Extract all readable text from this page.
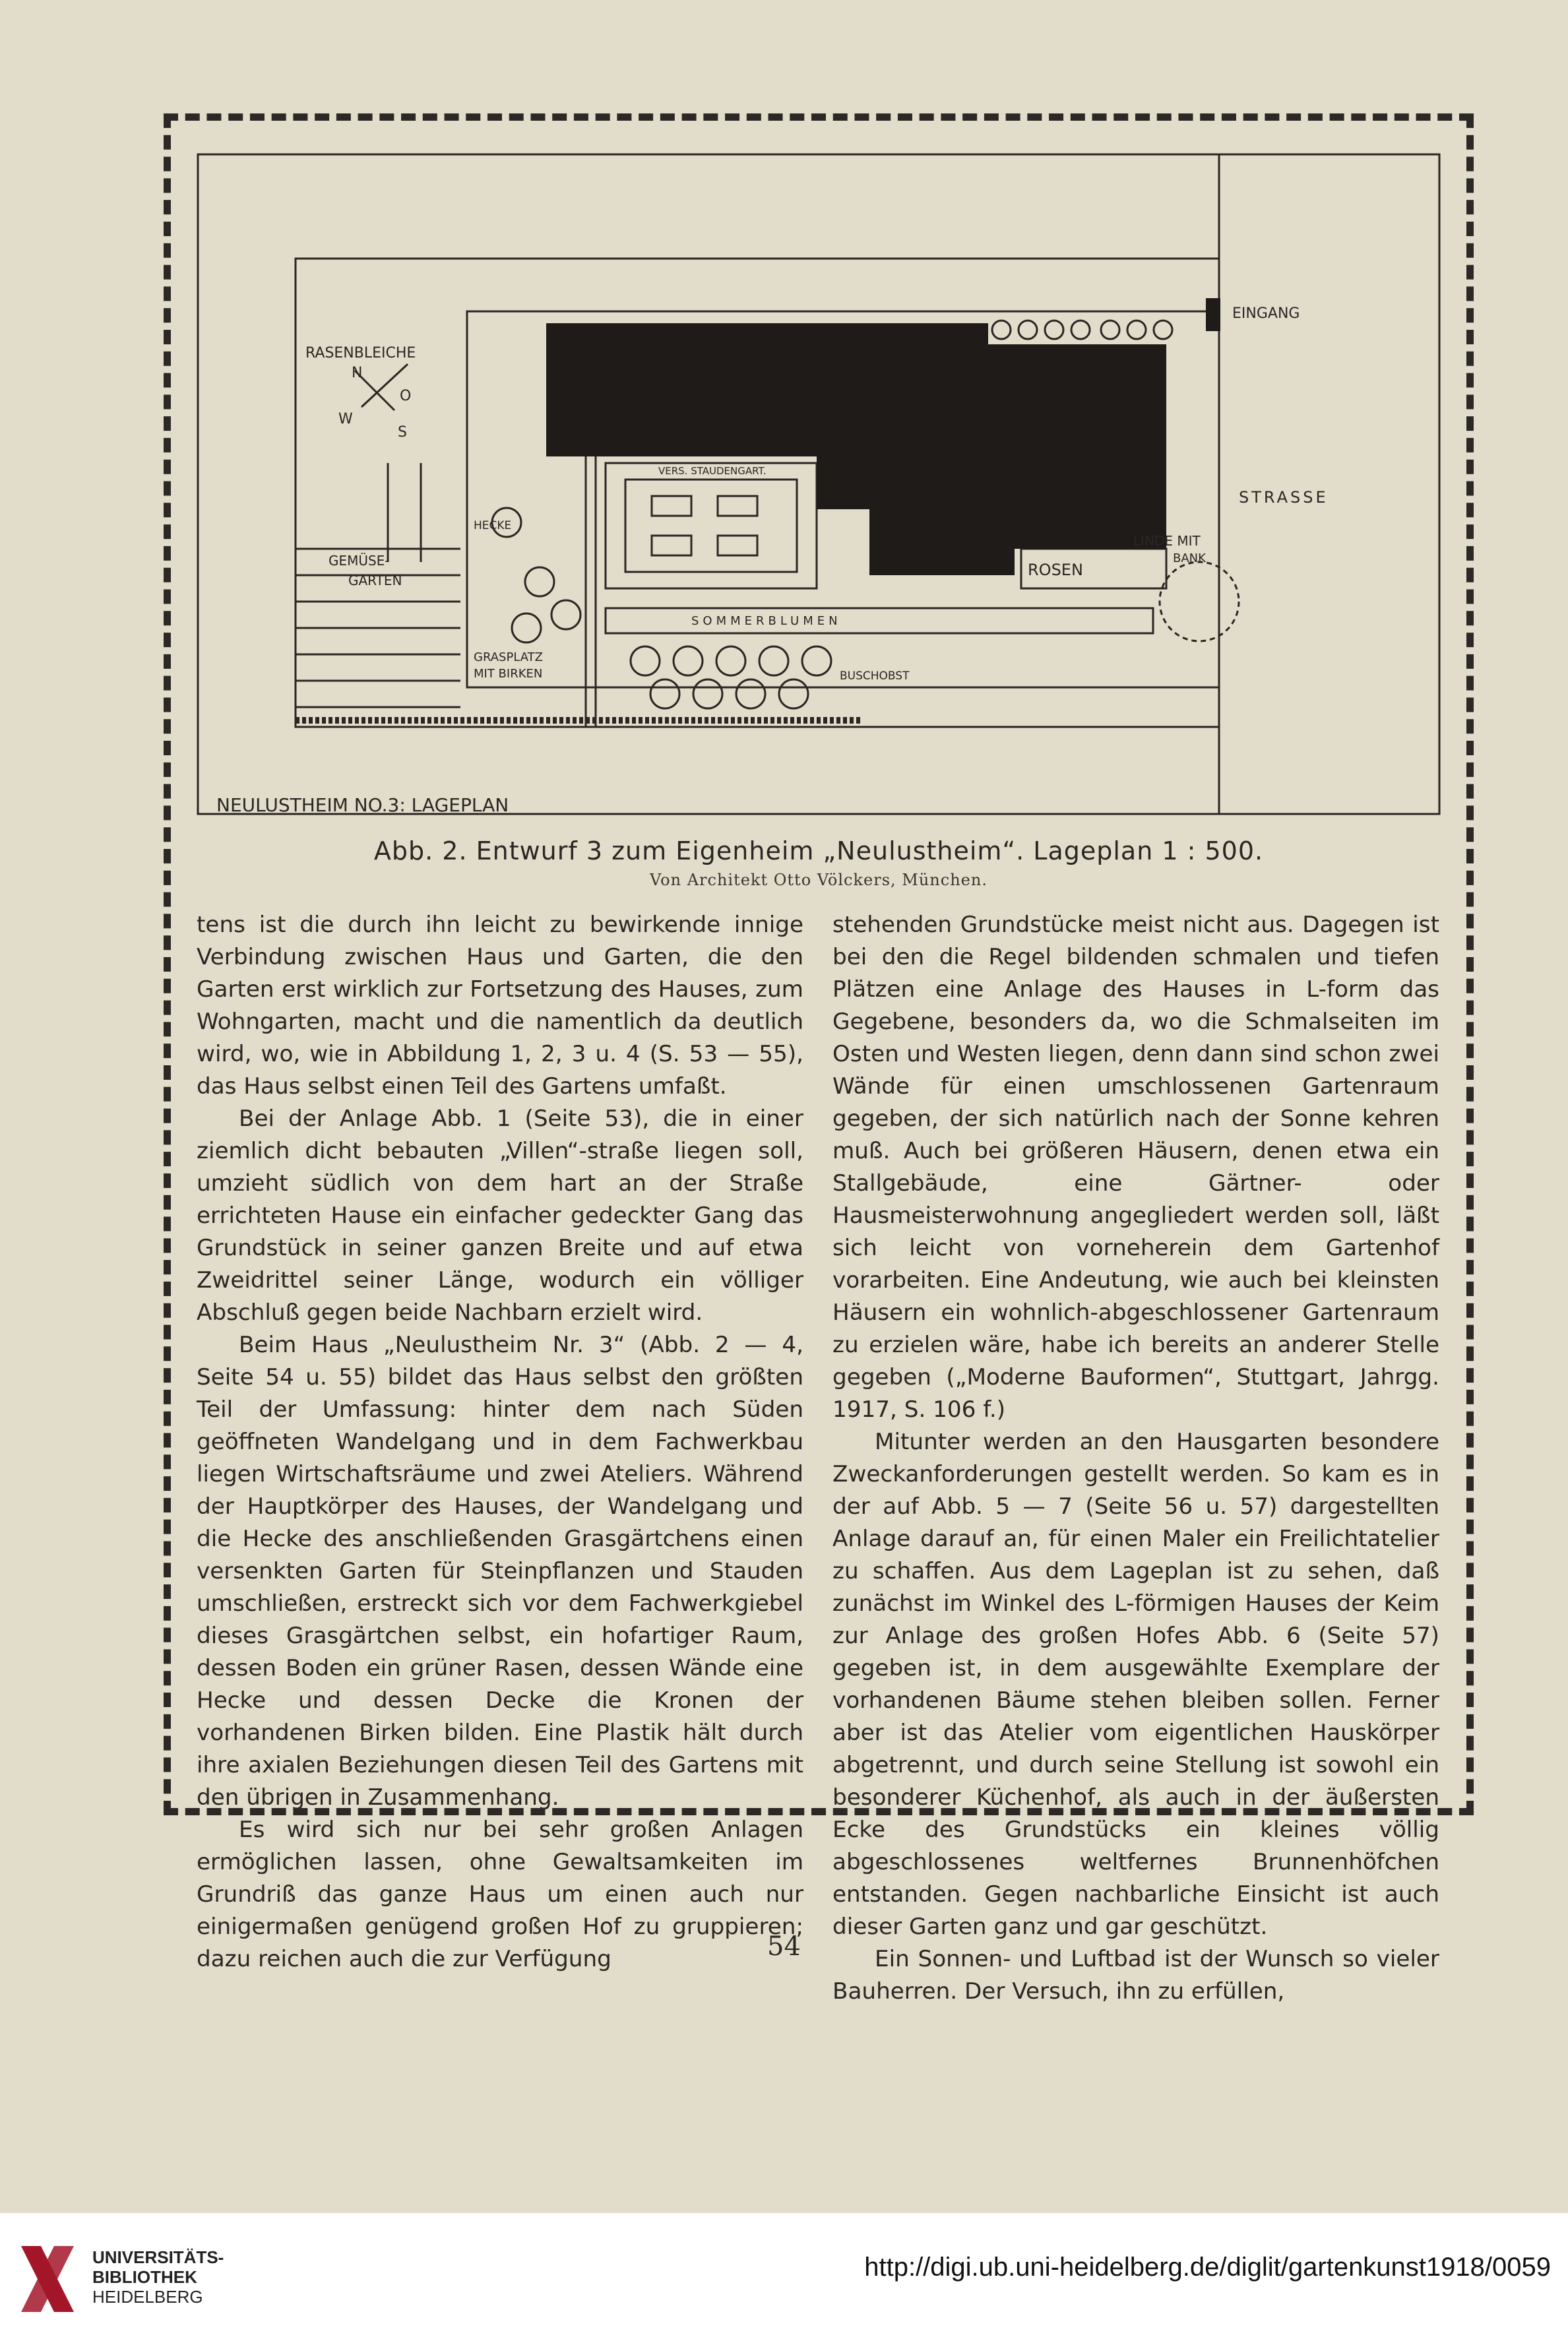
RASENBLEICHE
N
W
O
S
EINGANG
STRASSE
VERS. STAUDENGART.
HECKE
GEMÜSE-
GARTEN
ROSEN
LINDE MIT
BANK
SOMMERBLUMEN
GRASPLATZ
MIT BIRKEN	BUSCHOBST
NEULUSTHEIM NO.3: LAGEPLAN
Abb. 2. Entwurf 3 zum Eigenheim „Neulustheim“. Lageplan 1 : 500.
Von Architekt Otto Völckers, München.

tens ist die durch ihn leicht zu bewirkende innige Verbindung zwischen Haus und Garten, die den Garten erst wirklich zur Fortsetzung des Hauses, zum Wohngarten, macht und die namentlich da deutlich wird, wo, wie in Abbildung 1, 2, 3 u. 4 (S. 53 — 55), das Haus selbst einen Teil des Gartens umfaßt.

Bei der Anlage Abb. 1 (Seite 53), die in einer ziemlich dicht bebauten „Villen“-straße liegen soll, umzieht südlich von dem hart an der Straße errichteten Hause ein einfacher gedeckter Gang das Grundstück in seiner ganzen Breite und auf etwa Zweidrittel seiner Länge, wodurch ein völliger Abschluß gegen beide Nachbarn erzielt wird.

Beim Haus „Neulustheim Nr. 3“ (Abb. 2 — 4, Seite 54 u. 55) bildet das Haus selbst den größten Teil der Umfassung: hinter dem nach Süden geöffneten Wandelgang und in dem Fachwerkbau liegen Wirtschaftsräume und zwei Ateliers. Während der Hauptkörper des Hauses, der Wandelgang und die Hecke des anschließenden Grasgärtchens einen versenkten Garten für Steinpflanzen und Stauden umschließen, erstreckt sich vor dem Fachwerkgiebel dieses Grasgärtchen selbst, ein hofartiger Raum, dessen Boden ein grüner Rasen, dessen Wände eine Hecke und dessen Decke die Kronen der vorhandenen Birken bilden. Eine Plastik hält durch ihre axialen Beziehungen diesen Teil des Gartens mit den übrigen in Zusammenhang.

Es wird sich nur bei sehr großen Anlagen ermöglichen lassen, ohne Gewaltsamkeiten im Grundriß das ganze Haus um einen auch nur einigermaßen genügend großen Hof zu gruppieren; dazu reichen auch die zur Verfügung

stehenden Grundstücke meist nicht aus. Dagegen ist bei den die Regel bildenden schmalen und tiefen Plätzen eine Anlage des Hauses in L-form das Gegebene, besonders da, wo die Schmalseiten im Osten und Westen liegen, denn dann sind schon zwei Wände für einen umschlossenen Gartenraum gegeben, der sich natürlich nach der Sonne kehren muß. Auch bei größeren Häusern, denen etwa ein Stallgebäude, eine Gärtner- oder Hausmeisterwohnung angegliedert werden soll, läßt sich leicht von vorneherein dem Gartenhof vorarbeiten. Eine Andeutung, wie auch bei kleinsten Häusern ein wohnlich-abgeschlossener Gartenraum zu erzielen wäre, habe ich bereits an anderer Stelle gegeben („Moderne Bauformen“, Stuttgart, Jahrgg. 1917, S. 106 f.)

Mitunter werden an den Hausgarten besondere Zweckanforderungen gestellt werden. So kam es in der auf Abb. 5 — 7 (Seite 56 u. 57) dargestellten Anlage darauf an, für einen Maler ein Freilichtatelier zu schaffen. Aus dem Lageplan ist zu sehen, daß zunächst im Winkel des L-förmigen Hauses der Keim zur Anlage des großen Hofes Abb. 6 (Seite 57) gegeben ist, in dem ausgewählte Exemplare der vorhandenen Bäume stehen bleiben sollen. Ferner aber ist das Atelier vom eigentlichen Hauskörper abgetrennt, und durch seine Stellung ist sowohl ein besonderer Küchenhof, als auch in der äußersten Ecke des Grundstücks ein kleines völlig abgeschlossenes weltfernes Brunnenhöfchen entstanden. Gegen nachbarliche Einsicht ist auch dieser Garten ganz und gar geschützt.

Ein Sonnen- und Luftbad ist der Wunsch so vieler Bauherren. Der Versuch, ihn zu erfüllen,

54
UNIVERSITÄTS-
BIBLIOTHEK
HEIDELBERG
http://digi.ub.uni-heidelberg.de/diglit/gartenkunst1918/0059
